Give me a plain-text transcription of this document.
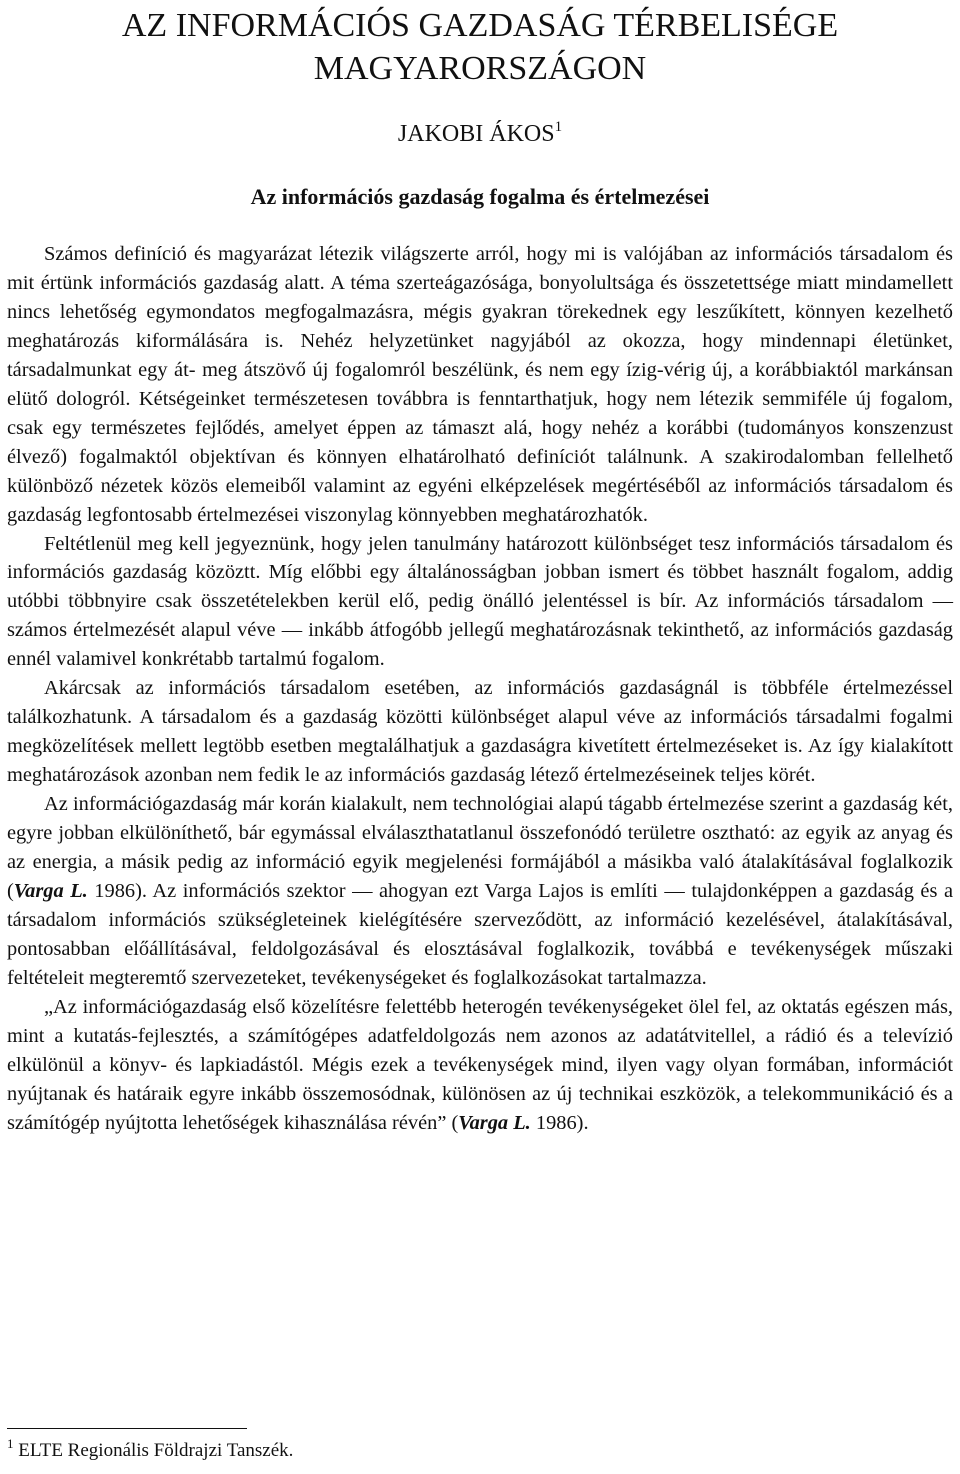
AZ INFORMÁCIÓS GAZDASÁG TÉRBELISÉGE
MAGYARORSZÁGON
JAKOBI ÁKOS$^1$
Az információs gazdaság fogalma és értelmezései

Számos definíció és magyarázat létezik világszerte arról, hogy mi is valójában az információs társadalom és mit értünk információs gazdaság alatt. A téma szerteágazósága, bonyolultsága és összetettsége miatt mindamellett nincs lehetőség egymondatos megfogalmazásra, mégis gyakran törekednek egy leszűkített, könnyen kezelhető meghatározás kiformálására is. Nehéz helyzetünket nagyjából az okozza, hogy mindennapi életünket, társadalmunkat egy át- meg átszövő új fogalomról beszélünk, és nem egy ízig-vérig új, a korábbiaktól markánsan elütő dologról. Kétségeinket természetesen továbbra is fenntarthatjuk, hogy nem létezik semmiféle új fogalom, csak egy természetes fejlődés, amelyet éppen az támaszt alá, hogy nehéz a korábbi (tudományos konszenzust élvező) fogalmaktól objektívan és könnyen elhatárolható definíciót találnunk. A szakirodalomban fellelhető különböző nézetek közös elemeiből valamint az egyéni elképzelések megértéséből az információs társadalom és gazdaság legfontosabb értelmezései viszonylag könnyebben meghatározhatók.

Feltétlenül meg kell jegyeznünk, hogy jelen tanulmány határozott különbséget tesz információs társadalom és információs gazdaság közöztt. Míg előbbi egy általánosságban jobban ismert és többet használt fogalom, addig utóbbi többnyire csak összetételekben kerül elő, pedig önálló jelentéssel is bír. Az információs társadalom — számos értelmezését alapul véve — inkább átfogóbb jellegű meghatározásnak tekinthető, az információs gazdaság ennél valamivel konkrétabb tartalmú fogalom.

Akárcsak az információs társadalom esetében, az információs gazdaságnál is többféle értelmezéssel találkozhatunk. A társadalom és a gazdaság közötti különbséget alapul véve az információs társadalmi fogalmi megközelítések mellett legtöbb esetben megtalálhatjuk a gazdaságra kivetített értelmezéseket is. Az így kialakított meghatározások azonban nem fedik le az információs gazdaság létező értelmezéseinek teljes körét.

Az információgazdaság már korán kialakult, nem technológiai alapú tágabb értelmezése szerint a gazdaság két, egyre jobban elkülöníthető, bár egymással elválaszthatatlanul összefonódó területre osztható: az egyik az anyag és az energia, a másik pedig az információ egyik megjelenési formájából a másikba való átalakításával foglalkozik (Varga L. 1986). Az információs szektor — ahogyan ezt Varga Lajos is említi — tulajdonképpen a gazdaság és a társadalom információs szükségleteinek kielégítésére szerveződött, az információ kezelésével, átalakításával, pontosabban előállításával, feldolgozásával és elosztásával foglalkozik, továbbá e tevékenységek műszaki feltételeit megteremtő szervezeteket, tevékenységeket és foglalkozásokat tartalmazza.

„Az információgazdaság első közelítésre felettébb heterogén tevékenységeket ölel fel, az oktatás egészen más, mint a kutatás-fejlesztés, a számítógépes adatfeldolgozás nem azonos az adatátvitellel, a rádió és a televízió elkülönül a könyv- és lapkiadástól. Mégis ezek a tevékenységek mind, ilyen vagy olyan formában, információt nyújtanak és határaik egyre inkább összemosódnak, különösen az új technikai eszközök, a telekommunikáció és a számítógép nyújtotta lehetőségek kihasználása révén” (Varga L. 1986).

$^1$ ELTE Regionális Földrajzi Tanszék.
